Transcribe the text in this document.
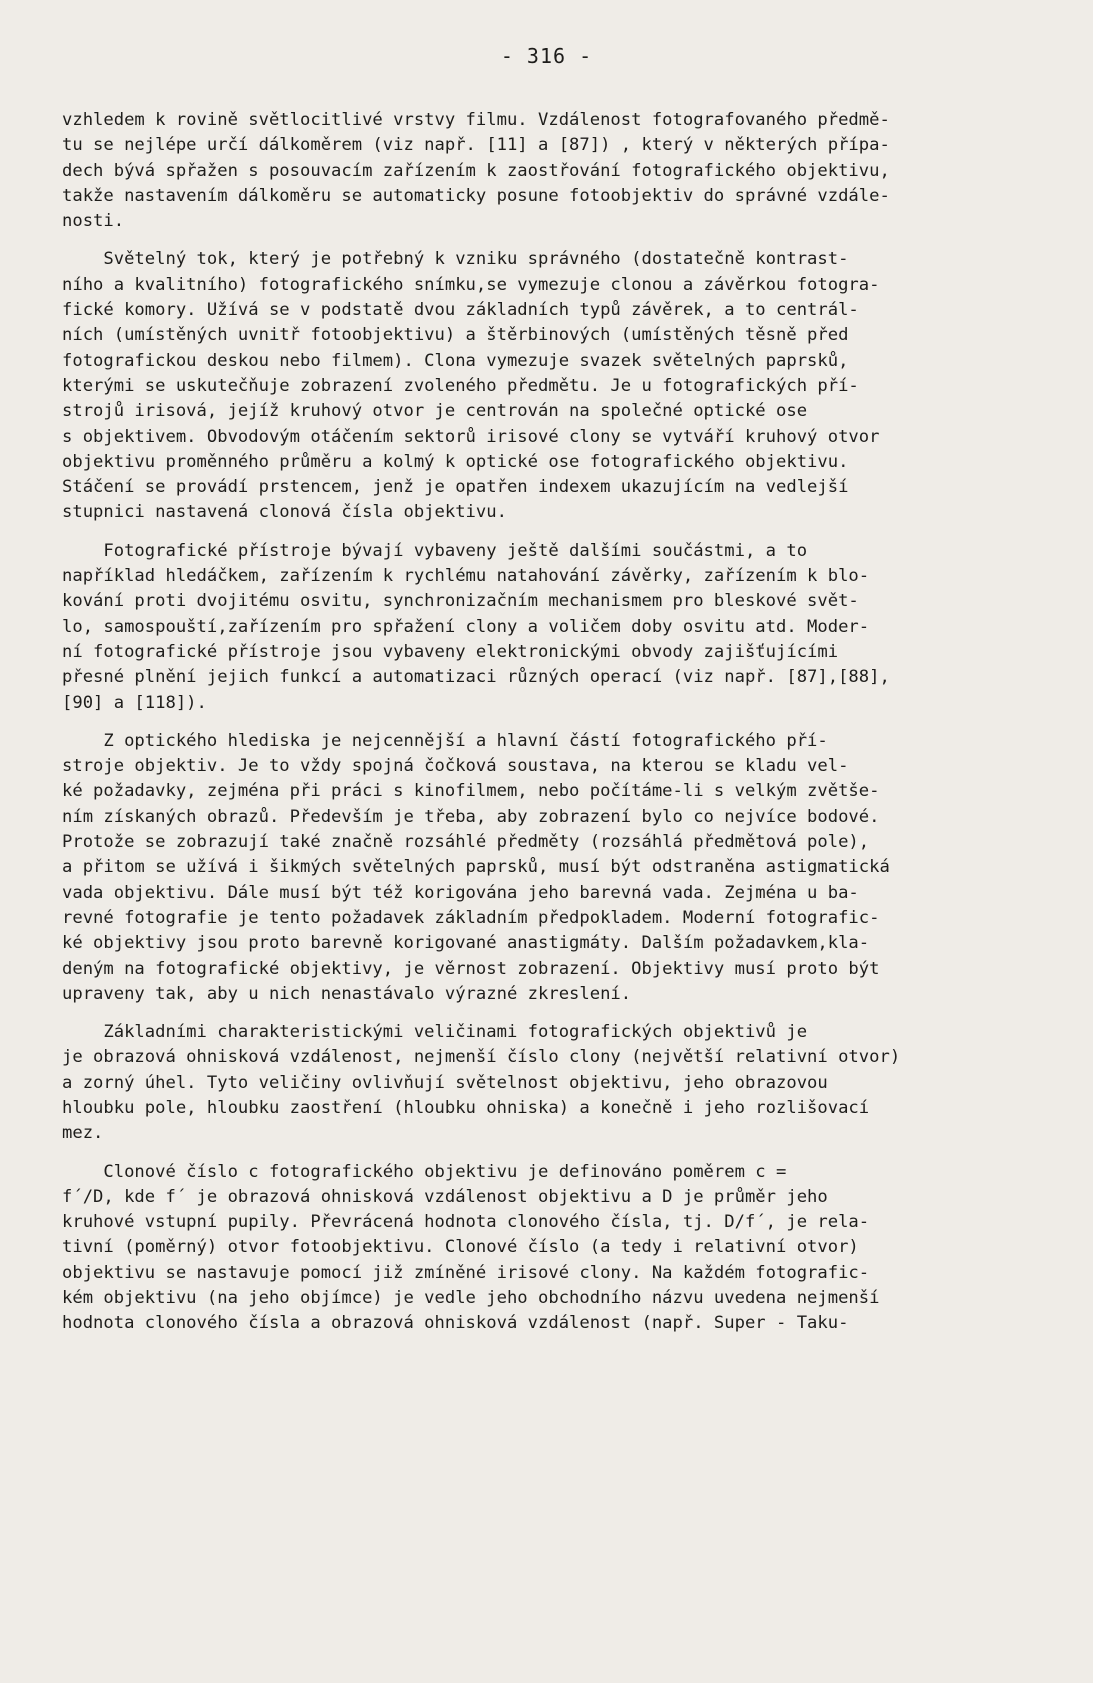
- 316 -
vzhledem k rovině světlocitlivé vrstvy filmu. Vzdálenost fotografovaného předmě-
tu se nejlépe určí dálkoměrem (viz např. [11] a [87]) , který v některých přípa-
dech bývá spřažen s posouvacím zařízením k zaostřování fotografického objektivu,
takže nastavením dálkoměru se automaticky posune fotoobjektiv do správné vzdále-
nosti.
Světelný tok, který je potřebný k vzniku správného (dostatečně kontrast-
ního a kvalitního) fotografického snímku,se vymezuje clonou a závěrkou fotogra-
fické komory. Užívá se v podstatě dvou základních typů závěrek, a to centrál-
ních (umístěných uvnitř fotoobjektivu) a štěrbinových (umístěných těsně před
fotografickou deskou nebo filmem). Clona vymezuje svazek světelných paprsků,
kterými se uskutečňuje zobrazení zvoleného předmětu. Je u fotografických pří-
strojů irisová, jejíž kruhový otvor je centrován na společné optické ose
s objektivem. Obvodovým otáčením sektorů irisové clony se vytváří kruhový otvor
objektivu proměnného průměru a kolmý k optické ose fotografického objektivu.
Stáčení se provádí prstencem, jenž je opatřen indexem ukazujícím na vedlejší
stupnici nastavená clonová čísla objektivu.
Fotografické přístroje bývají vybaveny ještě dalšími součástmi, a to
například hledáčkem, zařízením k rychlému natahování závěrky, zařízením k blo-
kování proti dvojitému osvitu, synchronizačním mechanismem pro bleskové svět-
lo, samospouští,zařízením pro spřažení clony a voličem doby osvitu atd. Moder-
ní fotografické přístroje jsou vybaveny elektronickými obvody zajišťujícími
přesné plnění jejich funkcí a automatizaci různých operací (viz např. [87],[88],
[90] a [118]).
Z optického hlediska je nejcennější a hlavní částí fotografického pří-
stroje objektiv. Je to vždy spojná čočková soustava, na kterou se kladu vel-
ké požadavky, zejména při práci s kinofilmem, nebo počítáme-li s velkým zvětše-
ním získaných obrazů. Především je třeba, aby zobrazení bylo co nejvíce bodové.
Protože se zobrazují také značně rozsáhlé předměty (rozsáhlá předmětová pole),
a přitom se užívá i šikmých světelných paprsků, musí být odstraněna astigmatická
vada objektivu. Dále musí být též korigována jeho barevná vada. Zejména u ba-
revné fotografie je tento požadavek základním předpokladem. Moderní fotografic-
ké objektivy jsou proto barevně korigované anastigmáty. Dalším požadavkem,kla-
deným na fotografické objektivy, je věrnost zobrazení. Objektivy musí proto být
upraveny tak, aby u nich nenastávalo výrazné zkreslení.
Základními charakteristickými veličinami fotografických objektivů je
je obrazová ohnisková vzdálenost, nejmenší číslo clony (největší relativní otvor)
a zorný úhel. Tyto veličiny ovlivňují světelnost objektivu, jeho obrazovou
hloubku pole, hloubku zaostření (hloubku ohniska) a konečně i jeho rozlišovací
mez.
Clonové číslo c fotografického objektivu je definováno poměrem c =
f´/D, kde f´ je obrazová ohnisková vzdálenost objektivu a D je průměr jeho
kruhové vstupní pupily. Převrácená hodnota clonového čísla, tj. D/f´, je rela-
tivní (poměrný) otvor fotoobjektivu. Clonové číslo (a tedy i relativní otvor)
objektivu se nastavuje pomocí již zmíněné irisové clony. Na každém fotografic-
kém objektivu (na jeho objímce) je vedle jeho obchodního názvu uvedena nejmenší
hodnota clonového čísla a obrazová ohnisková vzdálenost (např. Super - Taku-
